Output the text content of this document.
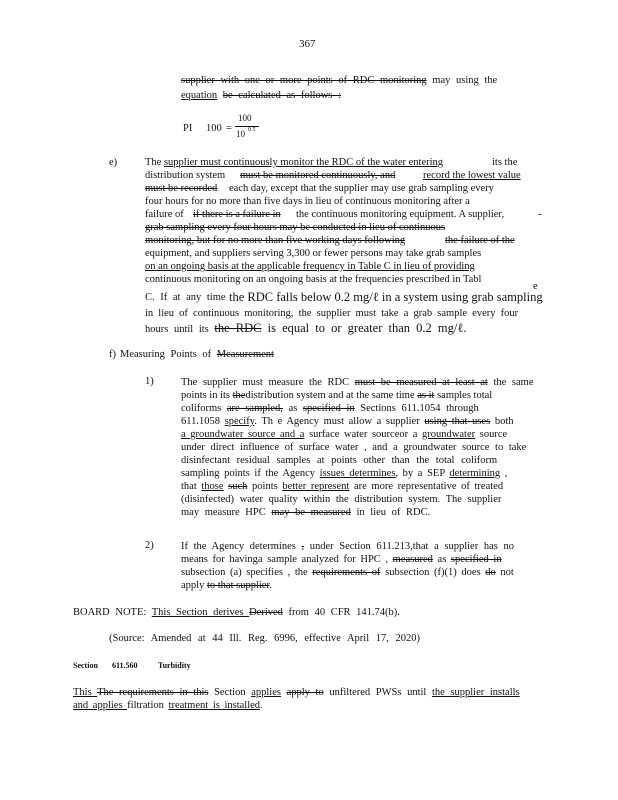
367
supplier with one or more points of RDC monitoring may using the
equation be calculated as follows :
PI 100 =
100
10 0.5
e)	The supplier must continuously monitor the RDC of the water entering	its the
distribution system must be monitored continuously, and	record the lowest value
must be recorded each day, except that the supplier may use grab sampling every
four hours for no more than five days in lieu of continuous monitoring after a
failure of if there is a failure in the continuous monitoring equipment. A supplier,	-
grab sampling every four hours may be conducted in lieu of continuous
monitoring, but for no more than five working days following	the failure of the
equipment, and suppliers serving 3,300 or fewer persons may take grab samples
on an ongoing basis at the applicable frequency in Table C in lieu of providing
continuous monitoring on an ongoing basis at the frequencies prescribed in Tabl
e
C. If at any time the RDC falls below 0.2 mg/ℓ in a system using grab sampling
in lieu of continuous monitoring, the supplier must take a grab sample every four
hours until its the RDC is equal to or greater than 0.2 mg/ℓ.
f) Measuring Points of Measurement
1)	The supplier must measure the RDC must be measured at least at the same
points in its thedistribution system and at the same time as it samples total
coliforms are sampled, as specified in Sections 611.1054 through
611.1058 specify. Th e Agency must allow a supplier using that uses both
a groundwater source and a surface water sourceor a groundwater source
under direct influence of surface water , and a groundwater source to take
disinfectant residual samples at points other than the total coliform
sampling points if the Agency issues determines, by a SEP determining ,
that those such points better represent are more representative of treated
(disinfected) water quality within the distribution system. The supplier
may measure HPC may be measured in lieu of RDC.
2)	If the Agency determines , under Section 611.213,that a supplier has no
means for havinga sample analyzed for HPC , measured as specified in
subsection (a) specifies , the requirements of subsection (f)(1) does do not
apply to that supplier.
BOARD NOTE: This Section derives Derived from 40 CFR 141.74(b).
(Source: Amended at 44 Ill. Reg. 6996, effective April 17, 2020)
Section 611.560	Turbidity
This The requirements in this Section applies apply to unfiltered PWSs until the supplier installs
and applies filtration treatment is installed.
